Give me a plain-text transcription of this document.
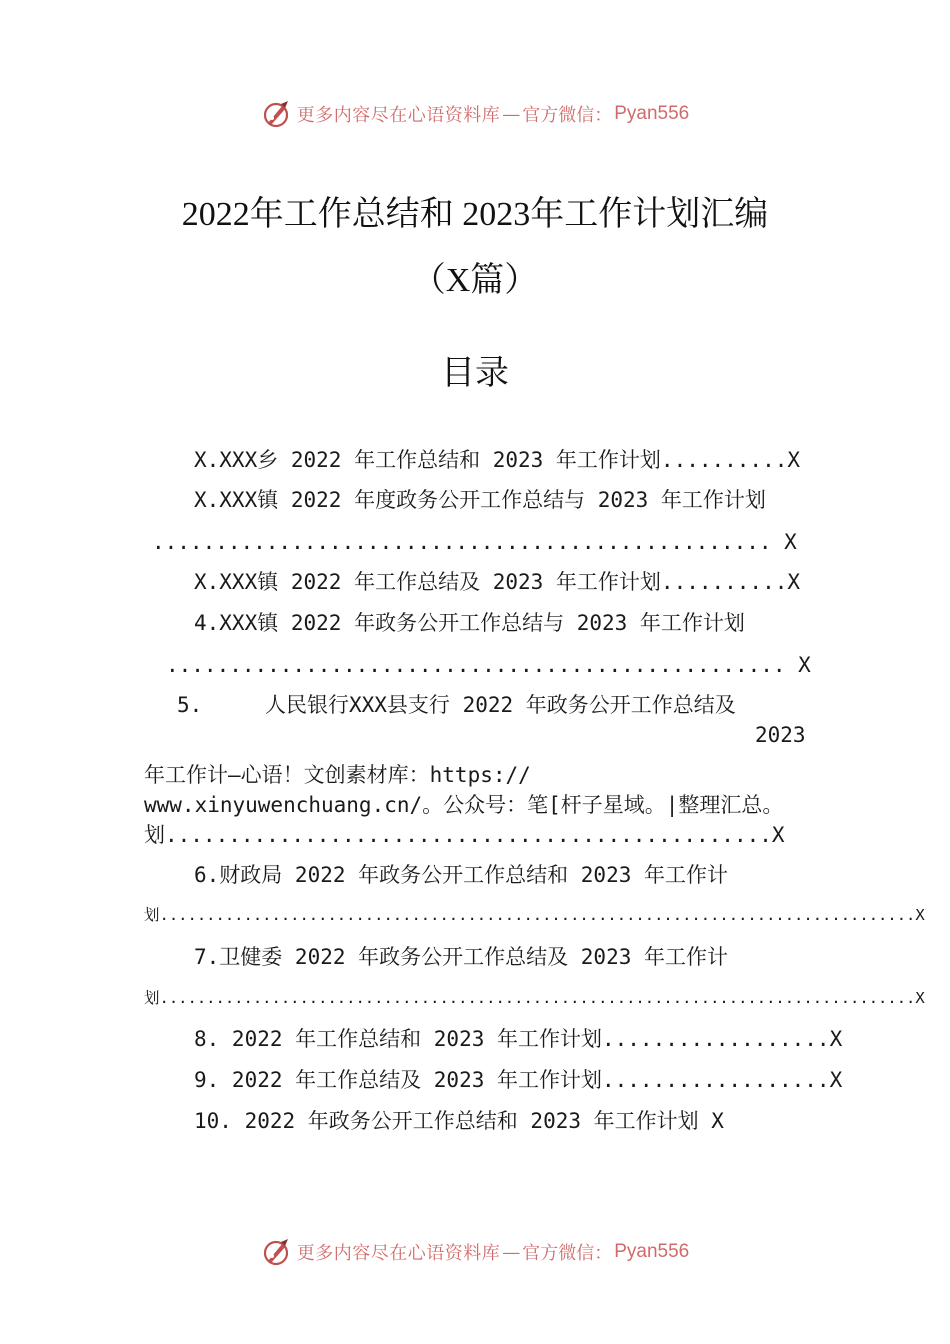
更多内容尽在心语资料库 — 官方微信： Pyan556
2022年工作总结和 2023年工作计划汇编
（X篇）
目录
X.XXX乡 2022 年工作总结和 2023 年工作计划..........X
X.XXX镇 2022 年度政务公开工作总结与 2023 年工作计划
................................................. X
X.XXX镇 2022 年工作总结及 2023 年工作计划..........X
4.XXX镇 2022 年政务公开工作总结与 2023 年工作计划
................................................. X
5.	人民银行XXX县支行 2022 年政务公开工作总结及
2023
年工作计—心语！文创素材库：https://
www.xinyuwenchuang.cn/。公众号：笔[杆子星域。|整理汇总。
划................................................X
6.财政局 2022 年政务公开工作总结和 2023 年工作计
划.................................................................................X
7.卫健委 2022 年政务公开工作总结及 2023 年工作计
划.................................................................................X
8. 2022 年工作总结和 2023 年工作计划..................X
9. 2022 年工作总结及 2023 年工作计划..................X
10. 2022 年政务公开工作总结和 2023 年工作计划 X
更多内容尽在心语资料库 — 官方微信： Pyan556
